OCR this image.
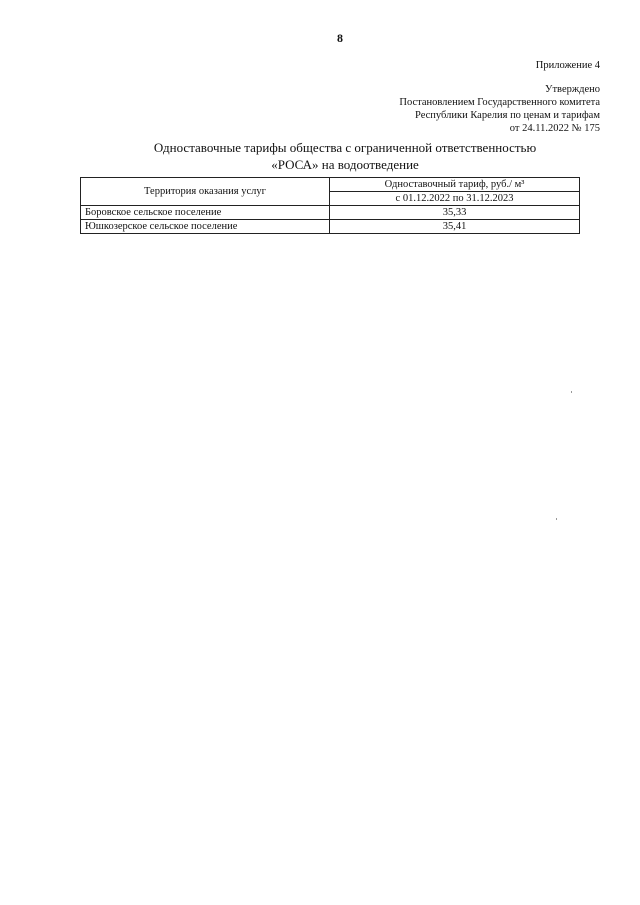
8
Приложение 4
Утверждено
Постановлением Государственного комитета
Республики Карелия по ценам и тарифам
от 24.11.2022 № 175
Одноставочные тарифы общества с ограниченной ответственностью
«РОСА» на водоотведение
Территория оказания услуг	Одноставочный тариф, руб./ м³
	с 01.12.2022 по 31.12.2023
Боровское сельское поселение	35,33
Юшкозерское сельское поселение	35,41
